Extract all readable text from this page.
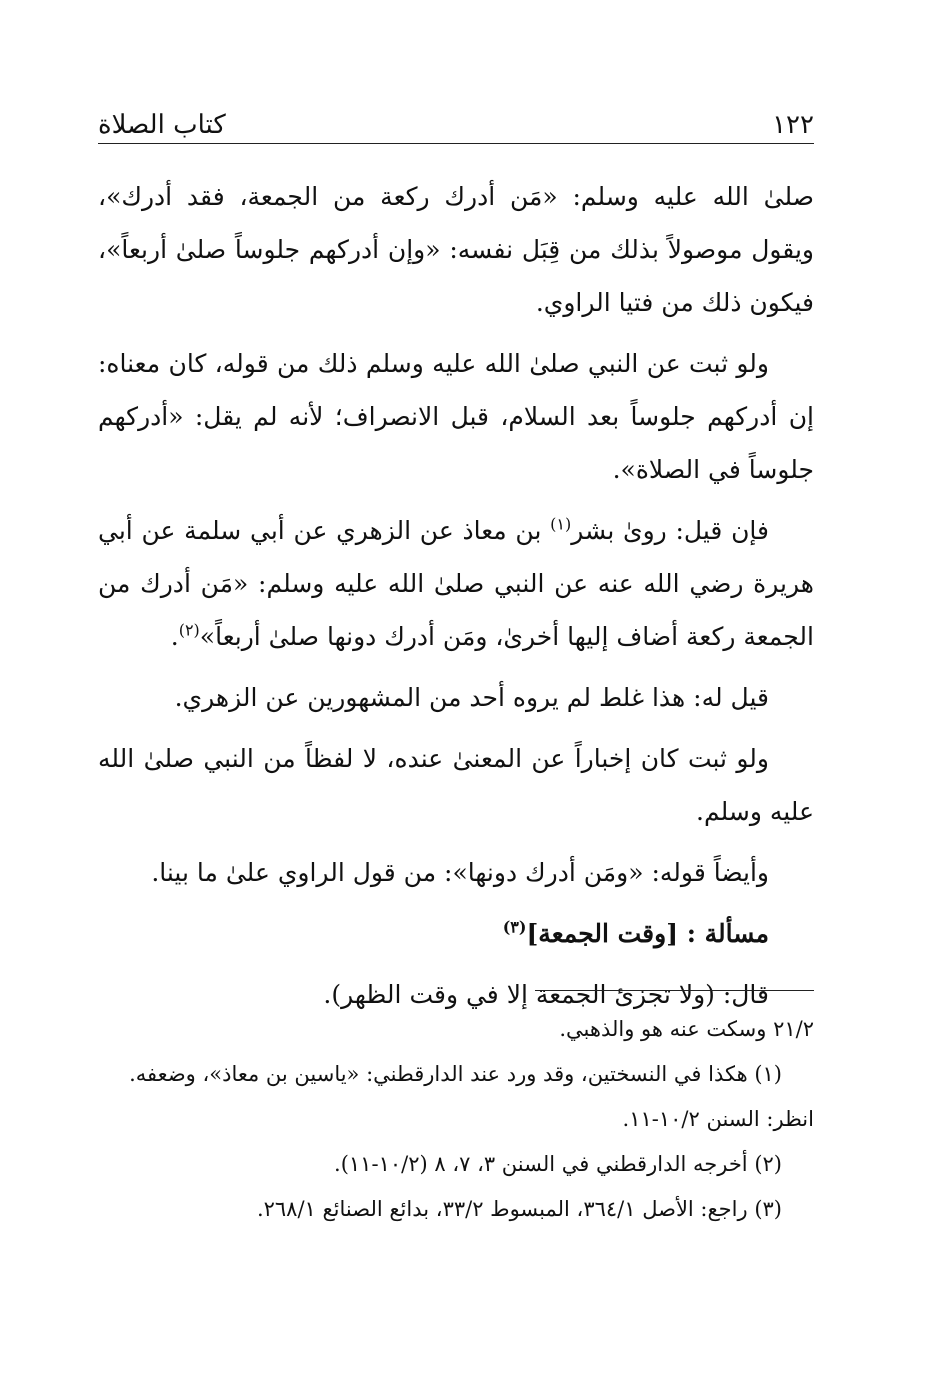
١٢٢
كتاب الصلاة

صلىٰ الله عليه وسلم: «مَن أدرك ركعة من الجمعة، فقد أدرك»، ويقول موصولاً بذلك من قِبَل نفسه: «وإن أدركهم جلوساً صلىٰ أربعاً»، فيكون ذلك من فتيا الراوي.

ولو ثبت عن النبي صلىٰ الله عليه وسلم ذلك من قوله، كان معناه: إن أدركهم جلوساً بعد السلام، قبل الانصراف؛ لأنه لم يقل: «أدركهم جلوساً في الصلاة».

فإن قيل: روىٰ بشر$^{(١)}$ بن معاذ عن الزهري عن أبي سلمة عن أبي هريرة رضي الله عنه عن النبي صلىٰ الله عليه وسلم: «مَن أدرك من الجمعة ركعة أضاف إليها أخرىٰ، ومَن أدرك دونها صلىٰ أربعاً»$^{(٢)}$.

قيل له: هذا غلط لم يروه أحد من المشهورين عن الزهري.

ولو ثبت كان إخباراً عن المعنىٰ عنده، لا لفظاً من النبي صلىٰ الله عليه وسلم.

وأيضاً قوله: «ومَن أدرك دونها»: من قول الراوي علىٰ ما بينا.

مسألة : [وقت الجمعة]$^{(٣)}$

قال: (ولا تجزئ الجمعة إلا في وقت الظهر).

٢١/٢ وسكت عنه هو والذهبي.

(١) هكذا في النسختين، وقد ورد عند الدارقطني: «ياسين بن معاذ»، وضعفه.

انظر: السنن ١٠/٢-١١.

(٢) أخرجه الدارقطني في السنن ٣، ٧، ٨ (١٠/٢-١١).

(٣) راجع: الأصل ٣٦٤/١، المبسوط ٣٣/٢، بدائع الصنائع ٢٦٨/١.
